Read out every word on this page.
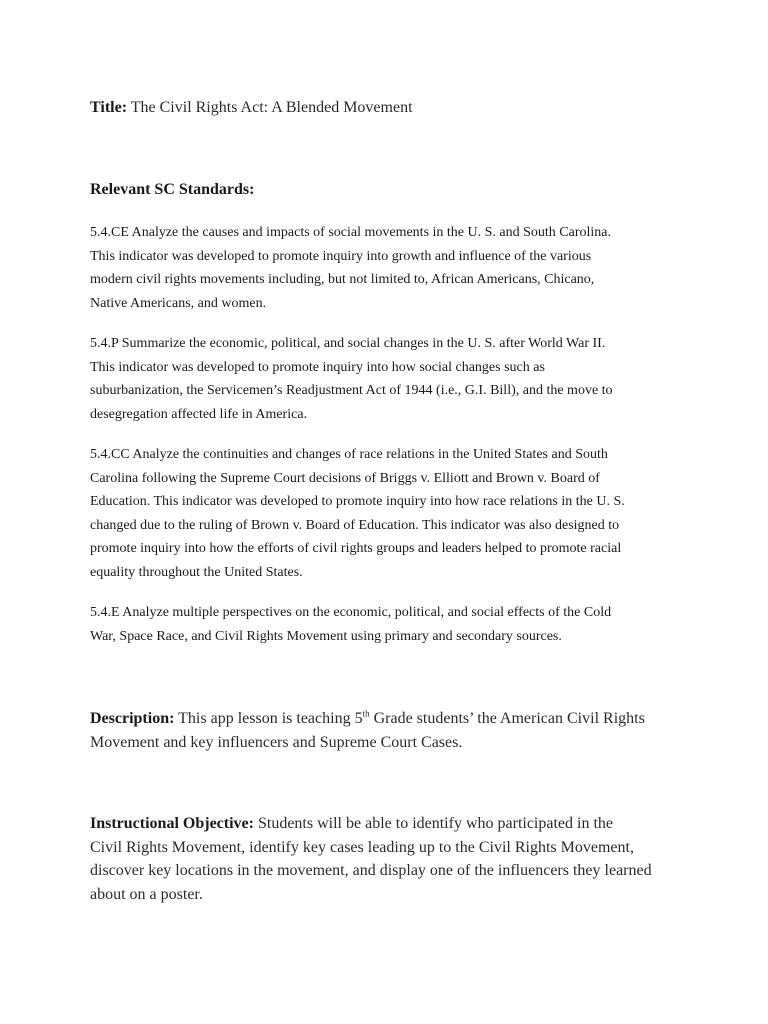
Title: The Civil Rights Act: A Blended Movement
Relevant SC Standards:
5.4.CE Analyze the causes and impacts of social movements in the U. S. and South Carolina.
This indicator was developed to promote inquiry into growth and influence of the various
modern civil rights movements including, but not limited to, African Americans, Chicano,
Native Americans, and women.
5.4.P Summarize the economic, political, and social changes in the U. S. after World War II.
This indicator was developed to promote inquiry into how social changes such as
suburbanization, the Servicemen’s Readjustment Act of 1944 (i.e., G.I. Bill), and the move to
desegregation affected life in America.
5.4.CC Analyze the continuities and changes of race relations in the United States and South
Carolina following the Supreme Court decisions of Briggs v. Elliott and Brown v. Board of
Education. This indicator was developed to promote inquiry into how race relations in the U. S.
changed due to the ruling of Brown v. Board of Education. This indicator was also designed to
promote inquiry into how the efforts of civil rights groups and leaders helped to promote racial
equality throughout the United States.
5.4.E Analyze multiple perspectives on the economic, political, and social effects of the Cold
War, Space Race, and Civil Rights Movement using primary and secondary sources.
Description: This app lesson is teaching 5th Grade students’ the American Civil Rights
Movement and key influencers and Supreme Court Cases.
Instructional Objective: Students will be able to identify who participated in the
Civil Rights Movement, identify key cases leading up to the Civil Rights Movement,
discover key locations in the movement, and display one of the influencers they learned
about on a poster.
